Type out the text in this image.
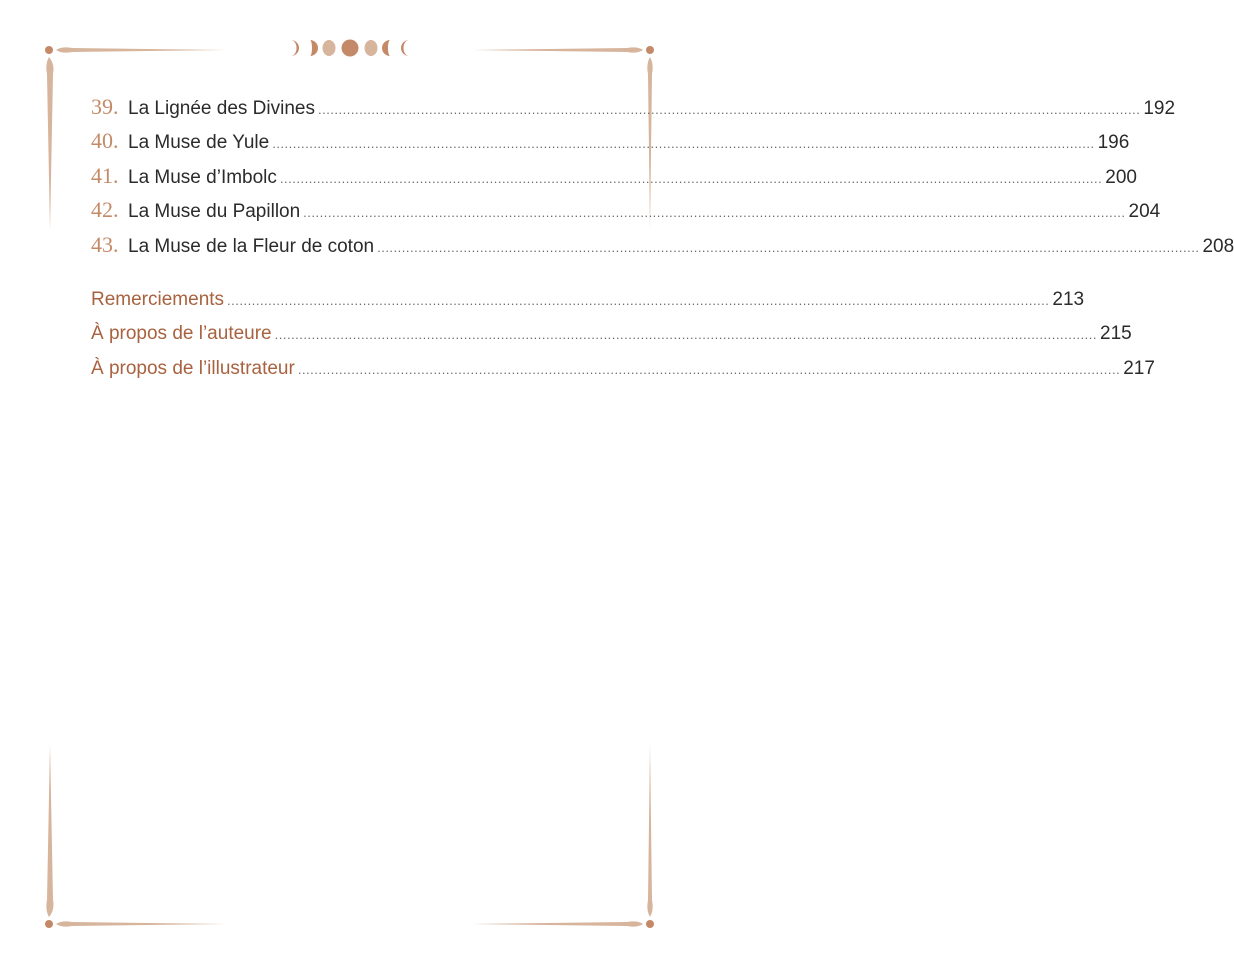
39. La Lignée des Divines ........................................................................................................................................................................................................ 192
40. La Muse de Yule ........................................................................................................................................................................................................ 196
41. La Muse d’Imbolc ........................................................................................................................................................................................................ 200
42. La Muse du Papillon ........................................................................................................................................................................................................ 204
43. La Muse de la Fleur de coton ........................................................................................................................................................................................................ 208
Remerciements ........................................................................................................................................................................................................ 213
À propos de l’auteure ........................................................................................................................................................................................................ 215
À propos de l’illustrateur ........................................................................................................................................................................................................ 217
